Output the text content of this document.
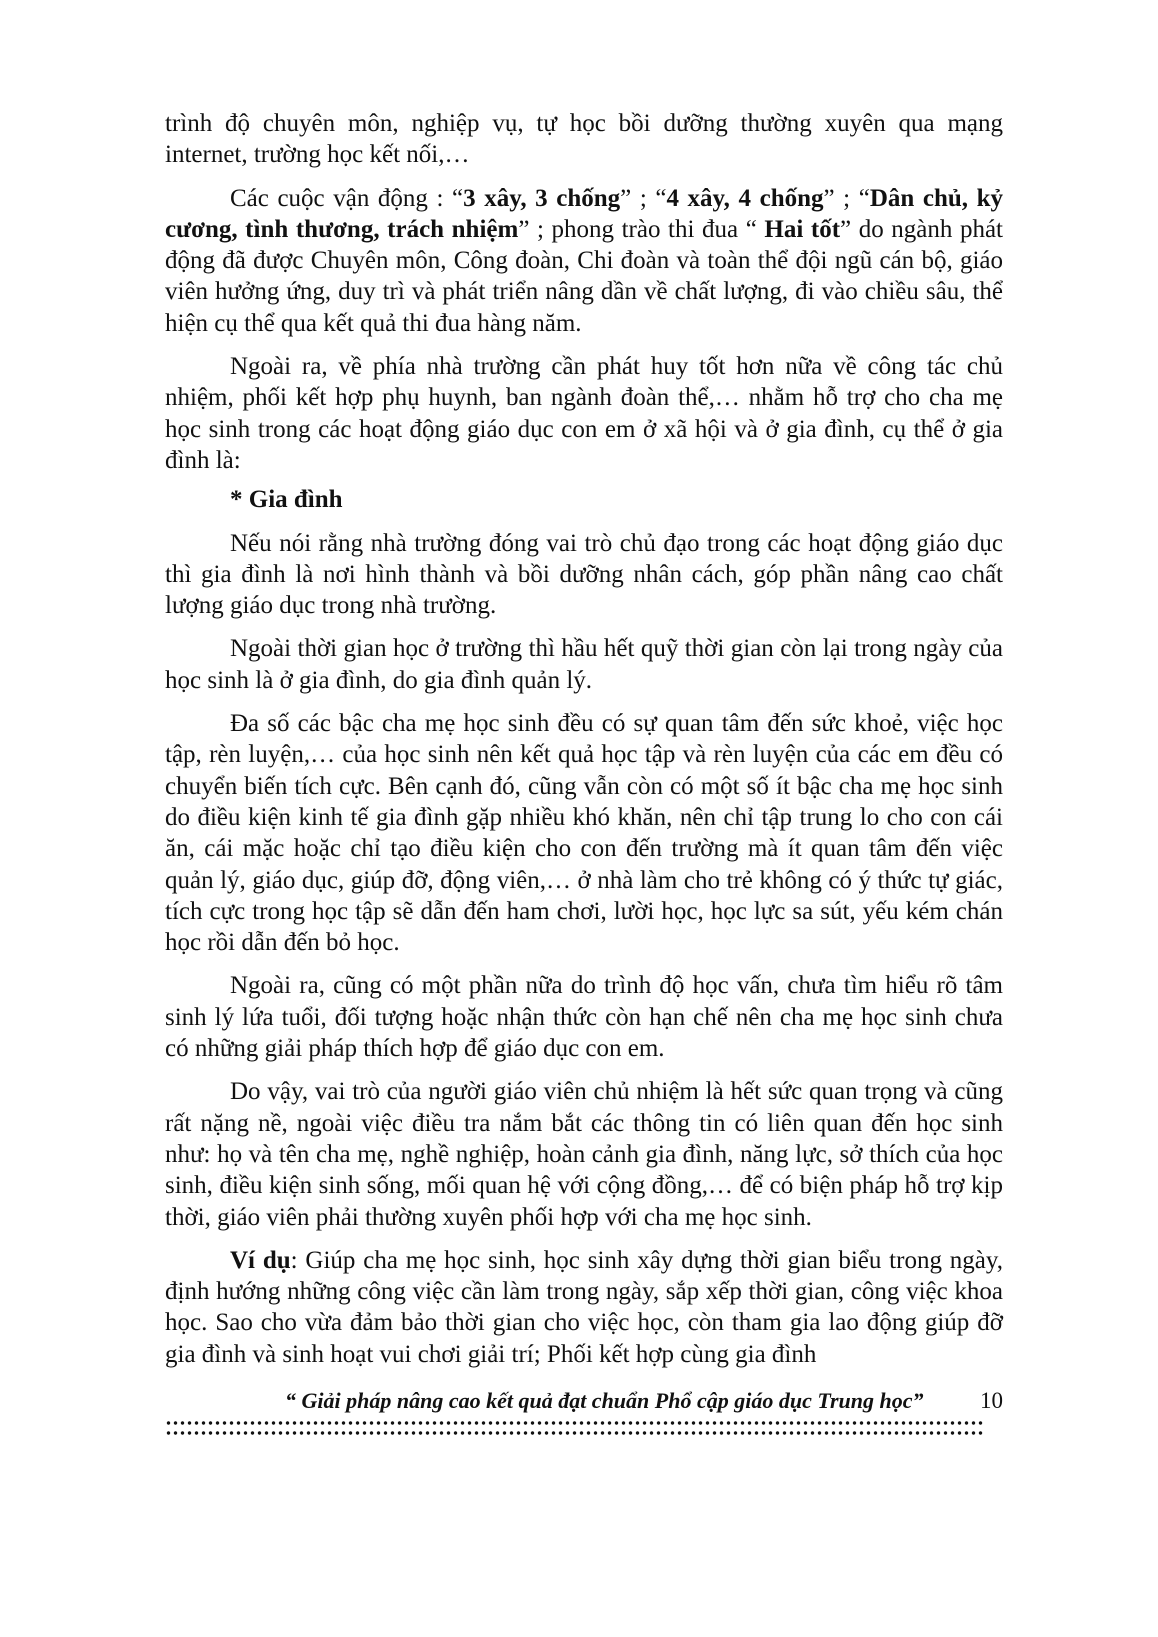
trình độ chuyên môn, nghiệp vụ, tự học bồi dưỡng thường xuyên qua mạng internet, trường học kết nối,…

Các cuộc vận động : “3 xây, 3 chống” ; “4 xây, 4 chống” ; “Dân chủ, kỷ cương, tình thương, trách nhiệm” ; phong trào thi đua “ Hai tốt” do ngành phát động đã được Chuyên môn, Công đoàn, Chi đoàn và toàn thể đội ngũ cán bộ, giáo viên hưởng ứng, duy trì và phát triển nâng dần về chất lượng, đi vào chiều sâu, thể hiện cụ thể qua kết quả thi đua hàng năm.

Ngoài ra, về phía nhà trường cần phát huy tốt hơn nữa về công tác chủ nhiệm, phối kết hợp phụ huynh, ban ngành đoàn thể,… nhằm hỗ trợ cho cha mẹ học sinh trong các hoạt động giáo dục con em ở xã hội và ở gia đình, cụ thể ở gia đình là:

* Gia đình

Nếu nói rằng nhà trường đóng vai trò chủ đạo trong các hoạt động giáo dục thì gia đình là nơi hình thành và bồi dưỡng nhân cách, góp phần nâng cao chất lượng giáo dục trong nhà trường.

Ngoài thời gian học ở trường thì hầu hết quỹ thời gian còn lại trong ngày của học sinh là ở gia đình, do gia đình quản lý.

Đa số các bậc cha mẹ học sinh đều có sự quan tâm đến sức khoẻ, việc học tập, rèn luyện,… của học sinh nên kết quả học tập và rèn luyện của các em đều có chuyển biến tích cực. Bên cạnh đó, cũng vẫn còn có một số ít bậc cha mẹ học sinh do điều kiện kinh tế gia đình gặp nhiều khó khăn, nên chỉ tập trung lo cho con cái ăn, cái mặc hoặc chỉ tạo điều kiện cho con đến trường mà ít quan tâm đến việc quản lý, giáo dục, giúp đỡ, động viên,… ở nhà làm cho trẻ không có ý thức tự giác, tích cực trong học tập sẽ dẫn đến ham chơi, lười học, học lực sa sút, yếu kém chán học rồi dẫn đến bỏ học.

Ngoài ra, cũng có một phần nữa do trình độ học vấn, chưa tìm hiểu rõ tâm sinh lý lứa tuổi, đối tượng hoặc nhận thức còn hạn chế nên cha mẹ học sinh chưa có những giải pháp thích hợp để giáo dục con em.

Do vậy, vai trò của người giáo viên chủ nhiệm là hết sức quan trọng và cũng rất nặng nề, ngoài việc điều tra nắm bắt các thông tin có liên quan đến học sinh như: họ và tên cha mẹ, nghề nghiệp, hoàn cảnh gia đình, năng lực, sở thích của học sinh, điều kiện sinh sống, mối quan hệ với cộng đồng,… để có biện pháp hỗ trợ kịp thời, giáo viên phải thường xuyên phối hợp với cha mẹ học sinh.

Ví dụ: Giúp cha mẹ học sinh, học sinh xây dựng thời gian biểu trong ngày, định hướng những công việc cần làm trong ngày, sắp xếp thời gian, công việc khoa học. Sao cho vừa đảm bảo thời gian cho việc học, còn tham gia lao động giúp đỡ gia đình và sinh hoạt vui chơi giải trí; Phối kết hợp cùng gia đình

“ Giải pháp nâng cao kết quả đạt chuẩn Phổ cập giáo dục Trung học” 10
